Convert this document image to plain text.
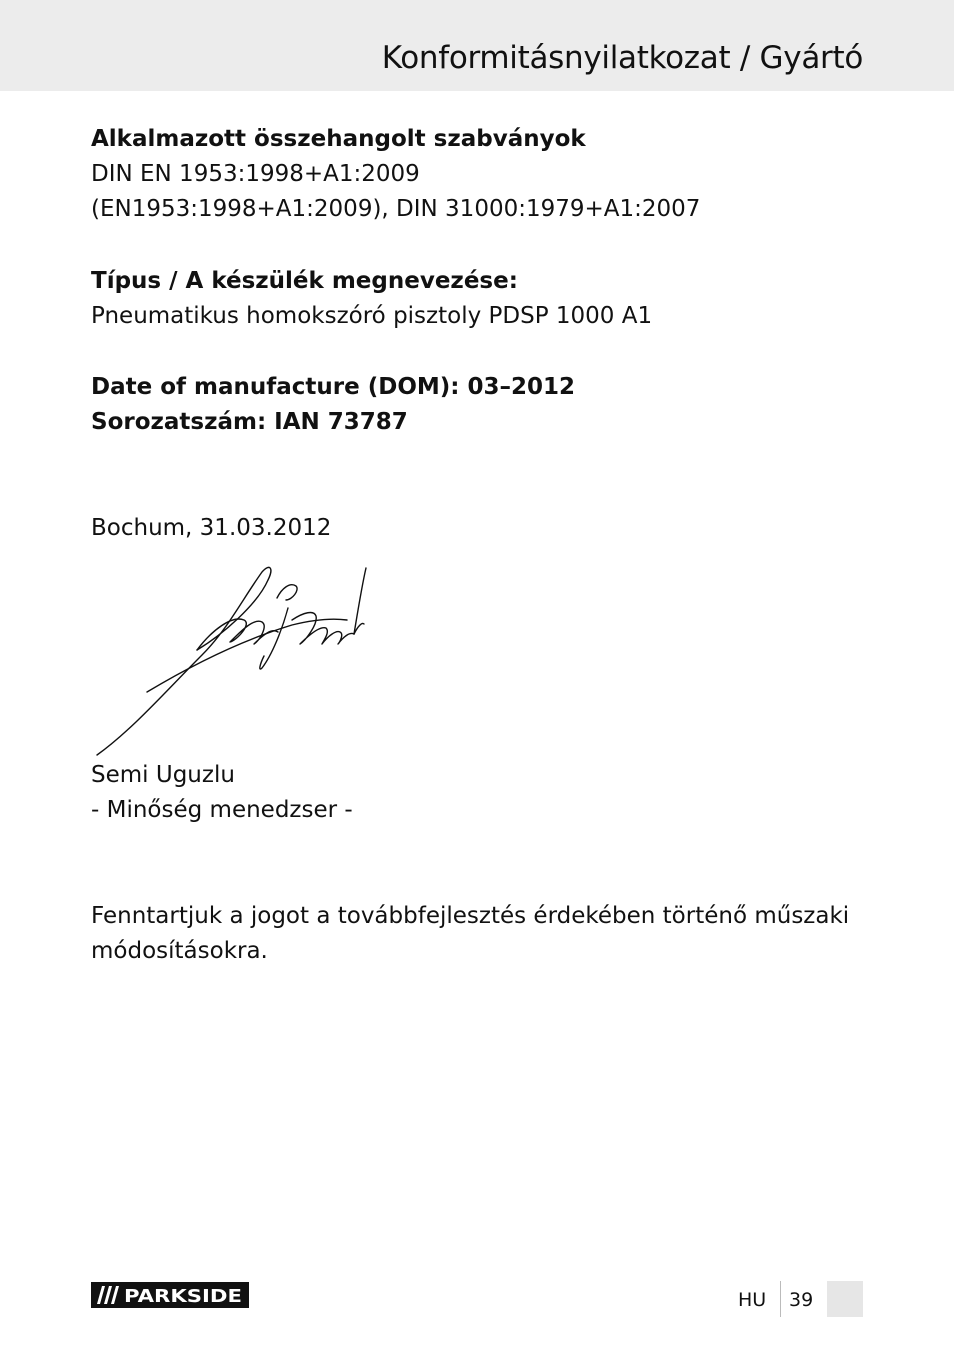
Konformitásnyilatkozat / Gyártó
Alkalmazott összehangolt szabványok
DIN EN 1953:1998+A1:2009
(EN1953:1998+A1:2009), DIN 31000:1979+A1:2007
Típus / A készülék megnevezése:
Pneumatikus homokszóró pisztoly PDSP 1000 A1
Date of manufacture (DOM): 03–2012
Sorozatszám: IAN 73787
Bochum, 31.03.2012
Semi Uguzlu
- Minőség menedzser -
Fenntartjuk a jogot a továbbfejlesztés érdekében történő műszaki
módosításokra.
PARKSIDE	HU 39
